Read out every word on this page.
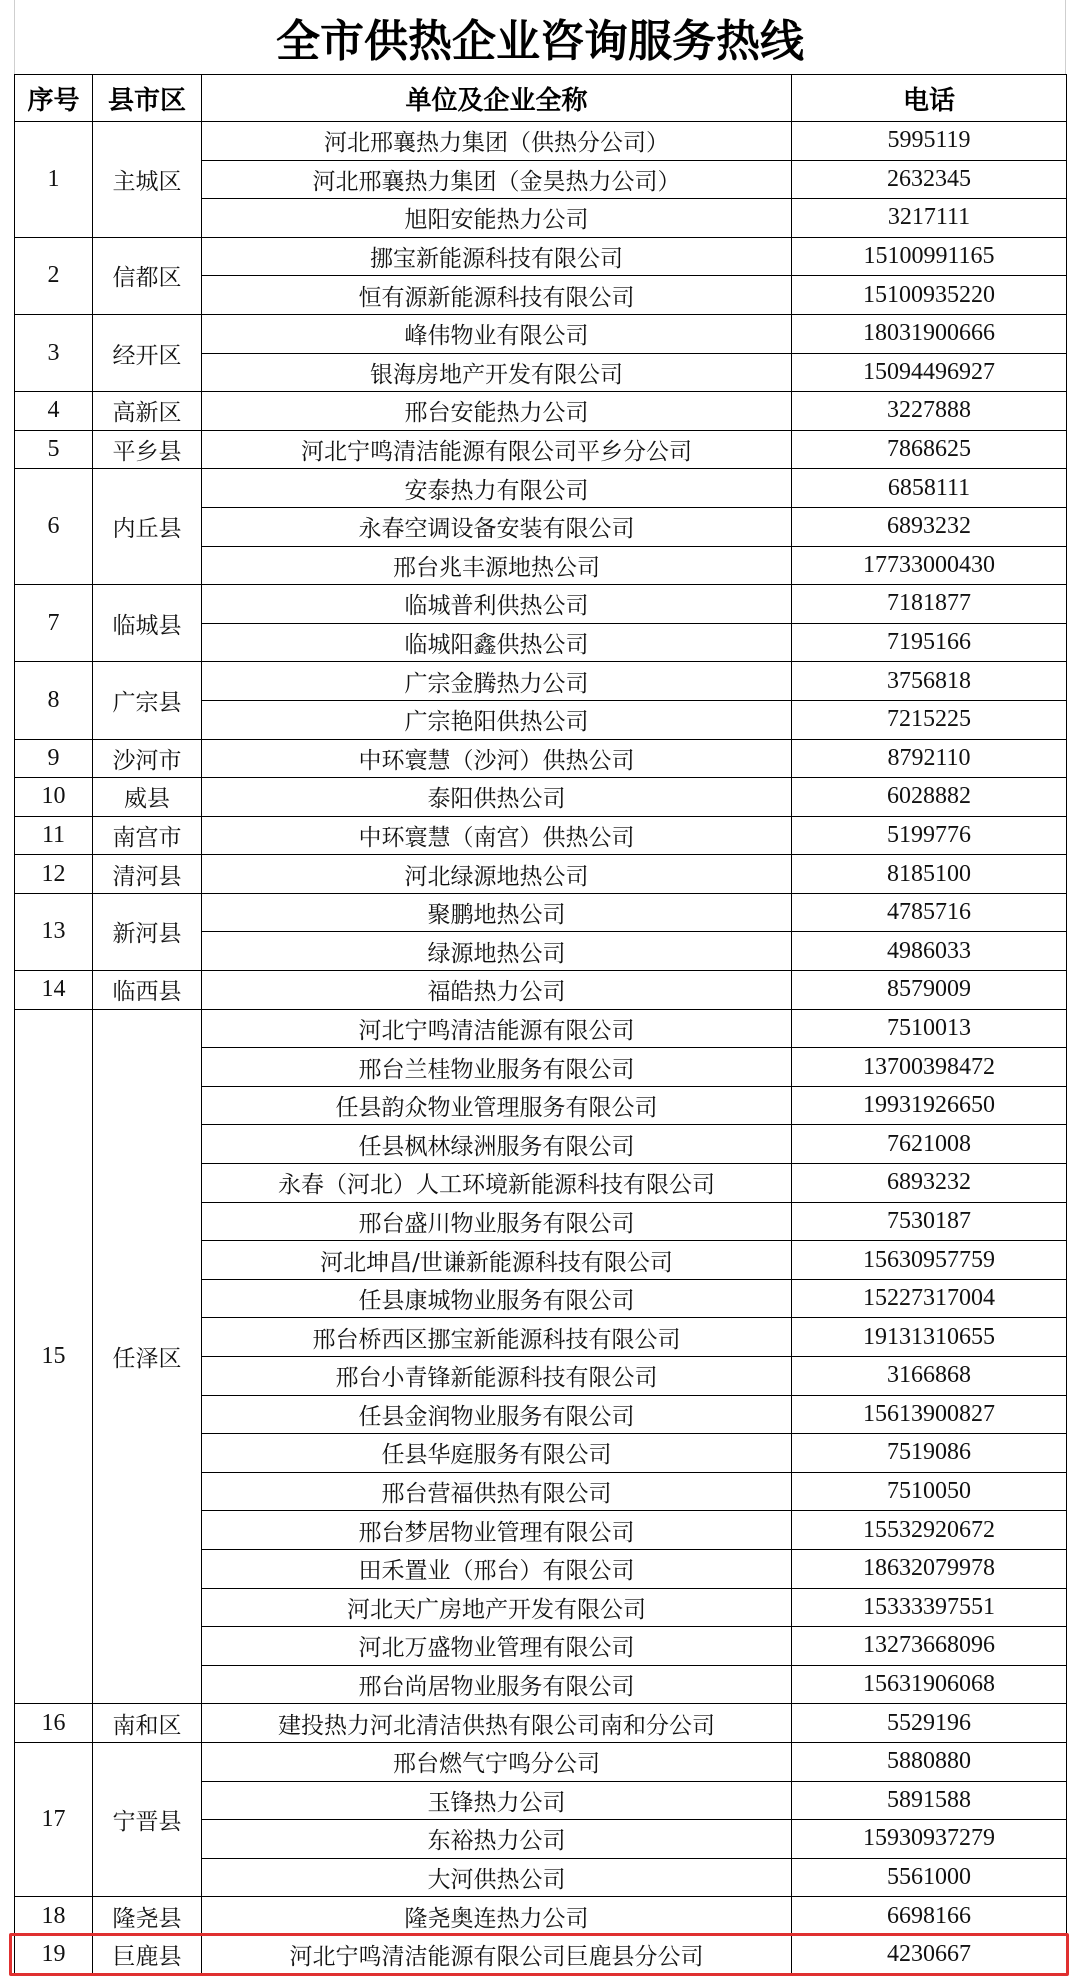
全市供热企业咨询服务热线
序号	县市区	单位及企业全称	电话
1	主城区	河北邢襄热力集团（供热分公司）	5995119
		河北邢襄热力集团（金昊热力公司）	2632345
		旭阳安能热力公司	3217111
2	信都区	挪宝新能源科技有限公司	15100991165
		恒有源新能源科技有限公司	15100935220
3	经开区	峰伟物业有限公司	18031900666
		银海房地产开发有限公司	15094496927
4	高新区	邢台安能热力公司	3227888
5	平乡县	河北宁鸣清洁能源有限公司平乡分公司	7868625
6	内丘县	安泰热力有限公司	6858111
		永春空调设备安装有限公司	6893232
		邢台兆丰源地热公司	17733000430
7	临城县	临城普利供热公司	7181877
		临城阳鑫供热公司	7195166
8	广宗县	广宗金腾热力公司	3756818
		广宗艳阳供热公司	7215225
9	沙河市	中环寰慧（沙河）供热公司	8792110
10	威县	泰阳供热公司	6028882
11	南宫市	中环寰慧（南宫）供热公司	5199776
12	清河县	河北绿源地热公司	8185100
13	新河县	聚鹏地热公司	4785716
		绿源地热公司	4986033
14	临西县	福皓热力公司	8579009
15	任泽区	河北宁鸣清洁能源有限公司	7510013
		邢台兰桂物业服务有限公司	13700398472
		任县韵众物业管理服务有限公司	19931926650
		任县枫林绿洲服务有限公司	7621008
		永春（河北）人工环境新能源科技有限公司	6893232
		邢台盛川物业服务有限公司	7530187
		河北坤昌/世谦新能源科技有限公司	15630957759
		任县康城物业服务有限公司	15227317004
		邢台桥西区挪宝新能源科技有限公司	19131310655
		邢台小青锋新能源科技有限公司	3166868
		任县金润物业服务有限公司	15613900827
		任县华庭服务有限公司	7519086
		邢台营福供热有限公司	7510050
		邢台梦居物业管理有限公司	15532920672
		田禾置业（邢台）有限公司	18632079978
		河北天广房地产开发有限公司	15333397551
		河北万盛物业管理有限公司	13273668096
		邢台尚居物业服务有限公司	15631906068
16	南和区	建投热力河北清洁供热有限公司南和分公司	5529196
17	宁晋县	邢台燃气宁鸣分公司	5880880
		玉锋热力公司	5891588
		东裕热力公司	15930937279
		大河供热公司	5561000
18	隆尧县	隆尧奥连热力公司	6698166
19	巨鹿县	河北宁鸣清洁能源有限公司巨鹿县分公司	4230667
